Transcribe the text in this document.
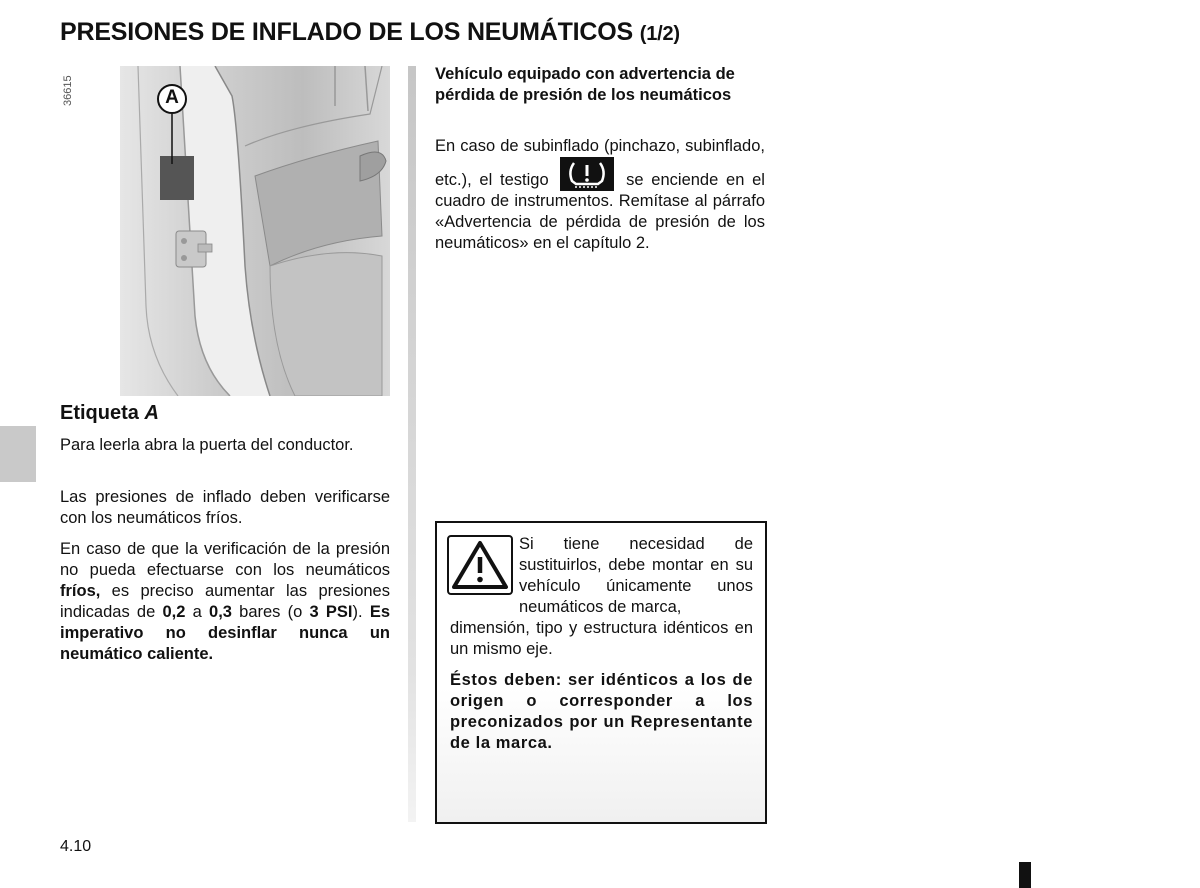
PRESIONES DE INFLADO DE LOS NEUMÁTICOS (1/2)
36615	A
Etiqueta A
Para leerla abra la puerta del conductor.
Las presiones de inflado deben verificarse con los neumáticos fríos.
En caso de que la verificación de la presión no pueda efectuarse con los neumáticos fríos, es preciso aumentar las presiones indicadas de 0,2 a 0,3 bares (o 3 PSI). Es imperativo no desinflar nunca un neumático caliente.
Vehículo equipado con advertencia de pérdida de presión de los neumáticos
En caso de subinflado (pinchazo, subinflado, etc.), el testigo	se enciende en el cuadro de instrumentos. Remítase al párrafo «Advertencia de pérdida de presión de los neumáticos» en el capítulo 2.
Si tiene necesidad de sustituirlos, debe montar en su vehículo únicamente unos neumáticos de marca,
dimensión, tipo y estructura idénticos en un mismo eje.
Éstos deben: ser idénticos a los de origen o corresponder a los preconizados por un Representante de la marca.
4.10
